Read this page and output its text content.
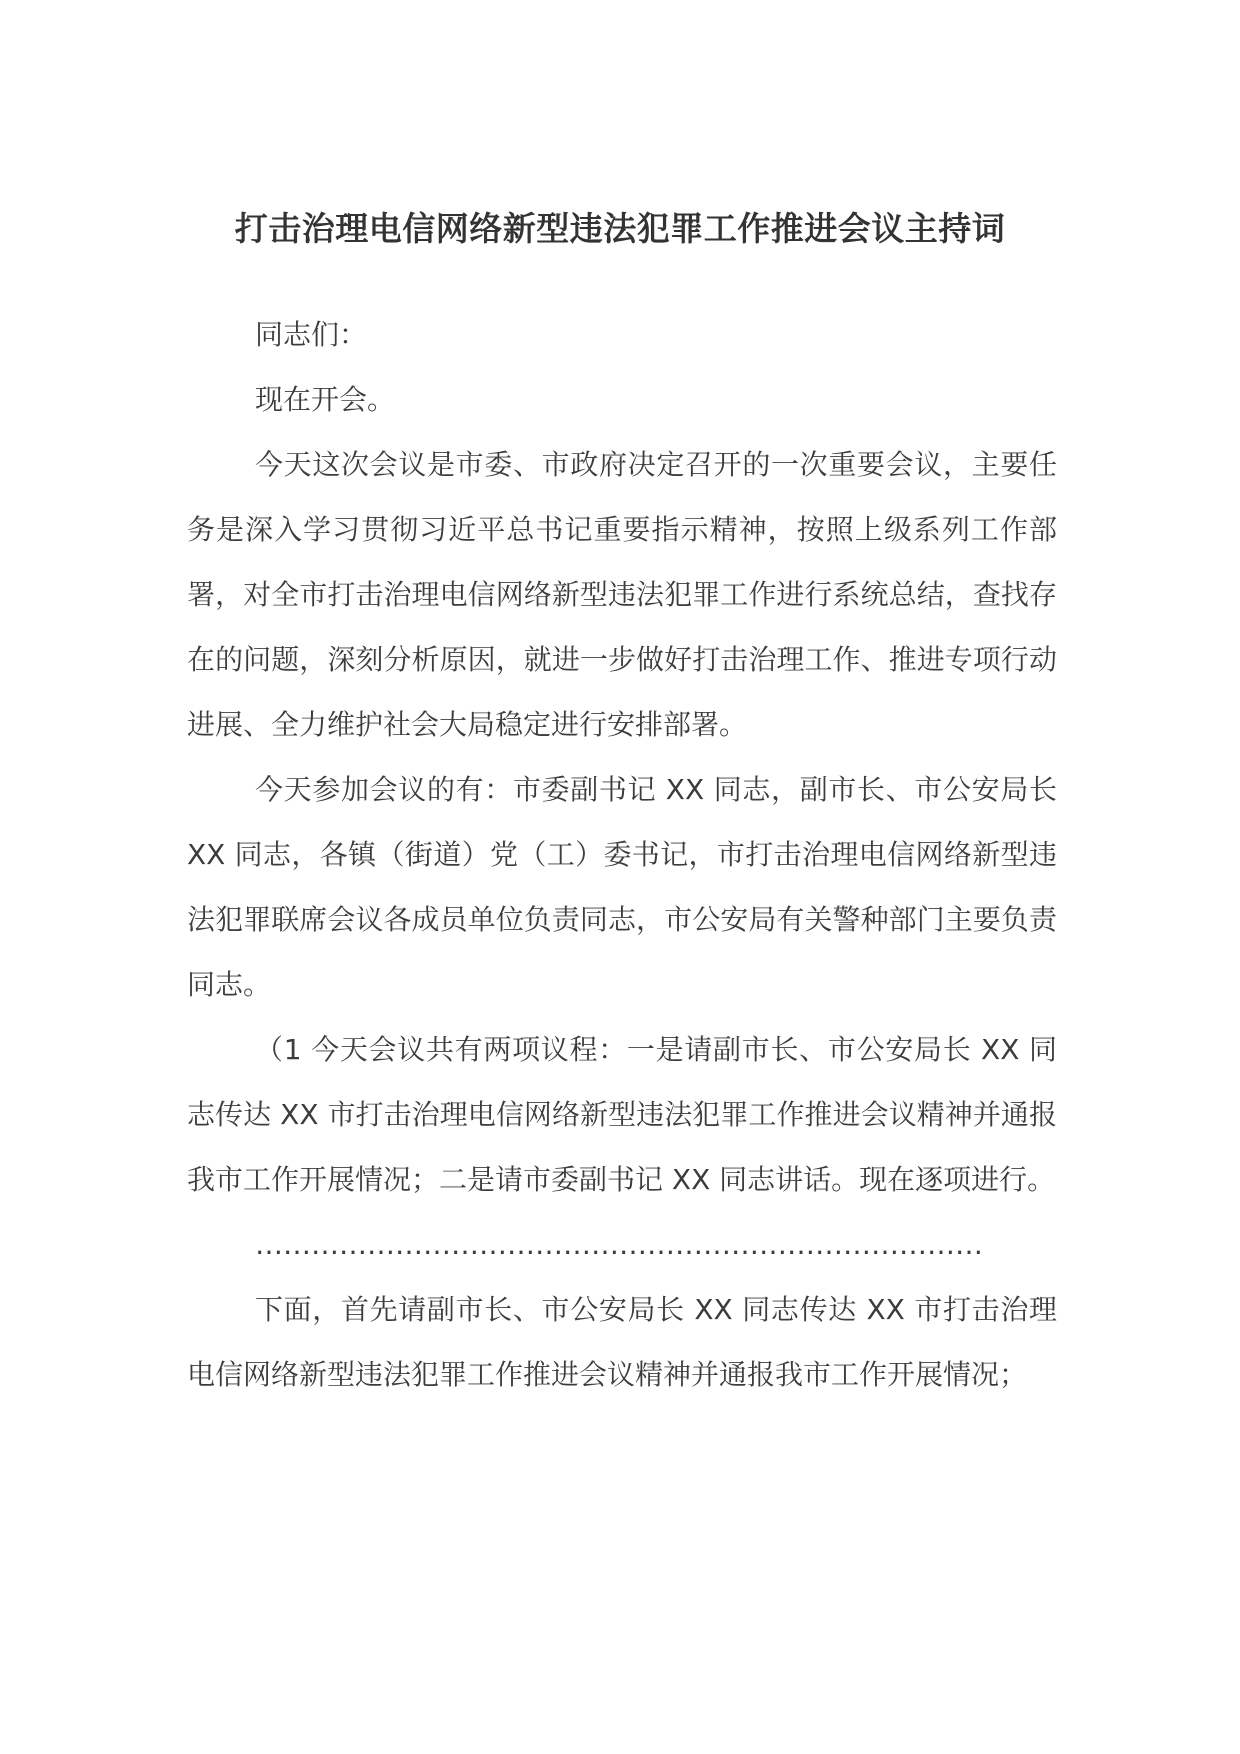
打击治理电信网络新型违法犯罪工作推进会议主持词

同志们：

现在开会。

今天这次会议是市委、市政府决定召开的一次重要会议，主要任务是深入学习贯彻习近平总书记重要指示精神，按照上级系列工作部署，对全市打击治理电信网络新型违法犯罪工作进行系统总结，查找存在的问题，深刻分析原因，就进一步做好打击治理工作、推进专项行动进展、全力维护社会大局稳定进行安排部署。

今天参加会议的有：市委副书记 XX 同志，副市长、市公安局长 XX 同志，各镇（街道）党（工）委书记，市打击治理电信网络新型违法犯罪联席会议各成员单位负责同志，市公安局有关警种部门主要负责同志。

（1 今天会议共有两项议程：一是请副市长、市公安局长 XX 同志传达 XX 市打击治理电信网络新型违法犯罪工作推进会议精神并通报我市工作开展情况；二是请市委副书记 XX 同志讲话。现在逐项进行。

……………………………………………………………………

下面，首先请副市长、市公安局长 XX 同志传达 XX 市打击治理电信网络新型违法犯罪工作推进会议精神并通报我市工作开展情况；
